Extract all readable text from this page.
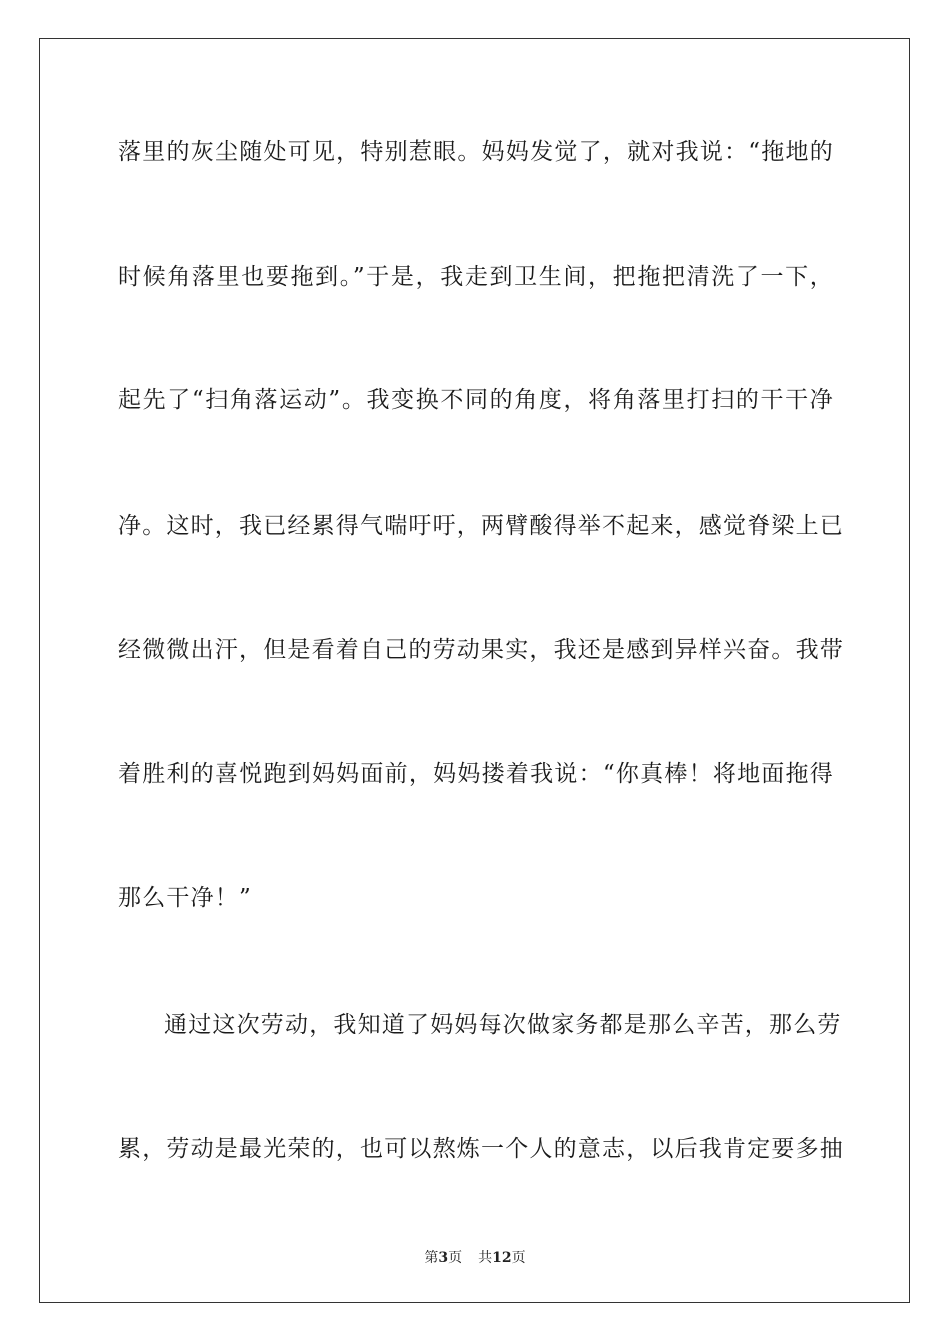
落里的灰尘随处可见，特别惹眼。妈妈发觉了，就对我说：“拖地的
时候角落里也要拖到。”于是，我走到卫生间，把拖把清洗了一下，
起先了“扫角落运动”。我变换不同的角度，将角落里打扫的干干净
净。这时，我已经累得气喘吁吁，两臂酸得举不起来，感觉脊梁上已
经微微出汗，但是看着自己的劳动果实，我还是感到异样兴奋。我带
着胜利的喜悦跑到妈妈面前，妈妈搂着我说：“你真棒！将地面拖得
那么干净！”
通过这次劳动，我知道了妈妈每次做家务都是那么辛苦，那么劳
累，劳动是最光荣的，也可以熬炼一个人的意志，以后我肯定要多抽
第3页 共12页
